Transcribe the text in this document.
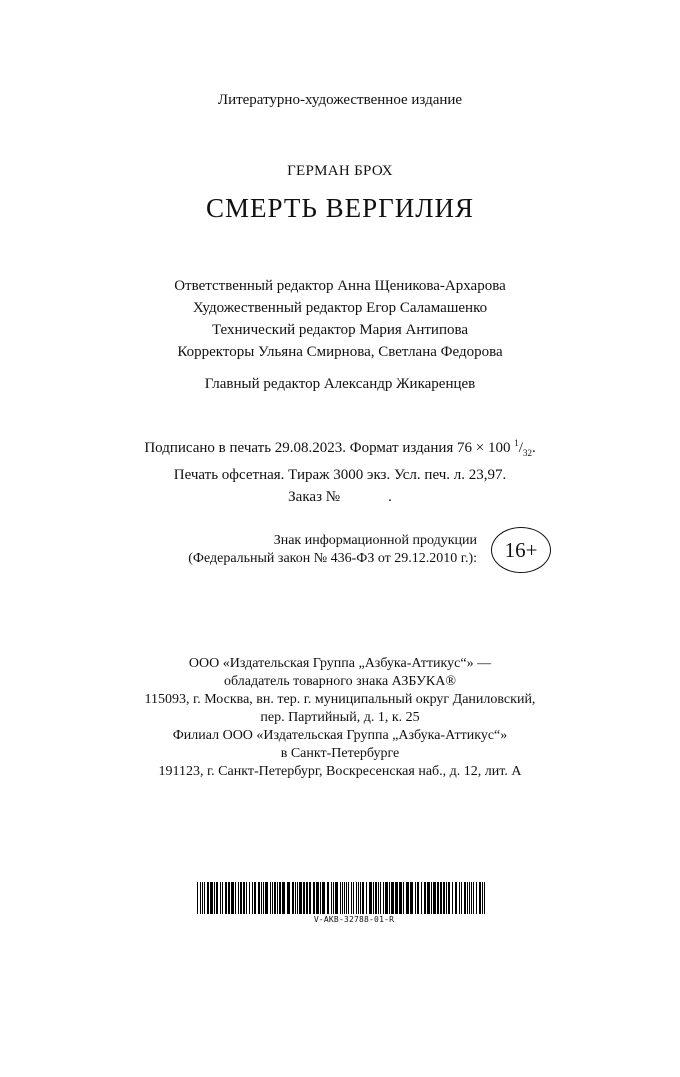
Литературно-художественное издание
ГЕРМАН БРОХ
СМЕРТЬ ВЕРГИЛИЯ
Ответственный редактор Анна Щеникова-Архарова
Художественный редактор Егор Саламашенко
Технический редактор Мария Антипова
Корректоры Ульяна Смирнова, Светлана Федорова
Главный редактор Александр Жикаренцев
Подписано в печать 29.08.2023. Формат издания 76 × 100 $^1/_{32}$.
Печать офсетная. Тираж 3000 экз. Усл. печ. л. 23,97.
Заказ №	.
Знак информационной продукции
(Федеральный закон № 436-ФЗ от 29.12.2010 г.):	16+
ООО «Издательская Группа „Азбука-Аттикус“» —
обладатель товарного знака АЗБУКА®
115093, г. Москва, вн. тер. г. муниципальный округ Даниловский,
пер. Партийный, д. 1, к. 25
Филиал ООО «Издательская Группа „Азбука-Аттикус“»
в Санкт-Петербурге
191123, г. Санкт-Петербург, Воскресенская наб., д. 12, лит. А
V-AKB-32788-01-R
